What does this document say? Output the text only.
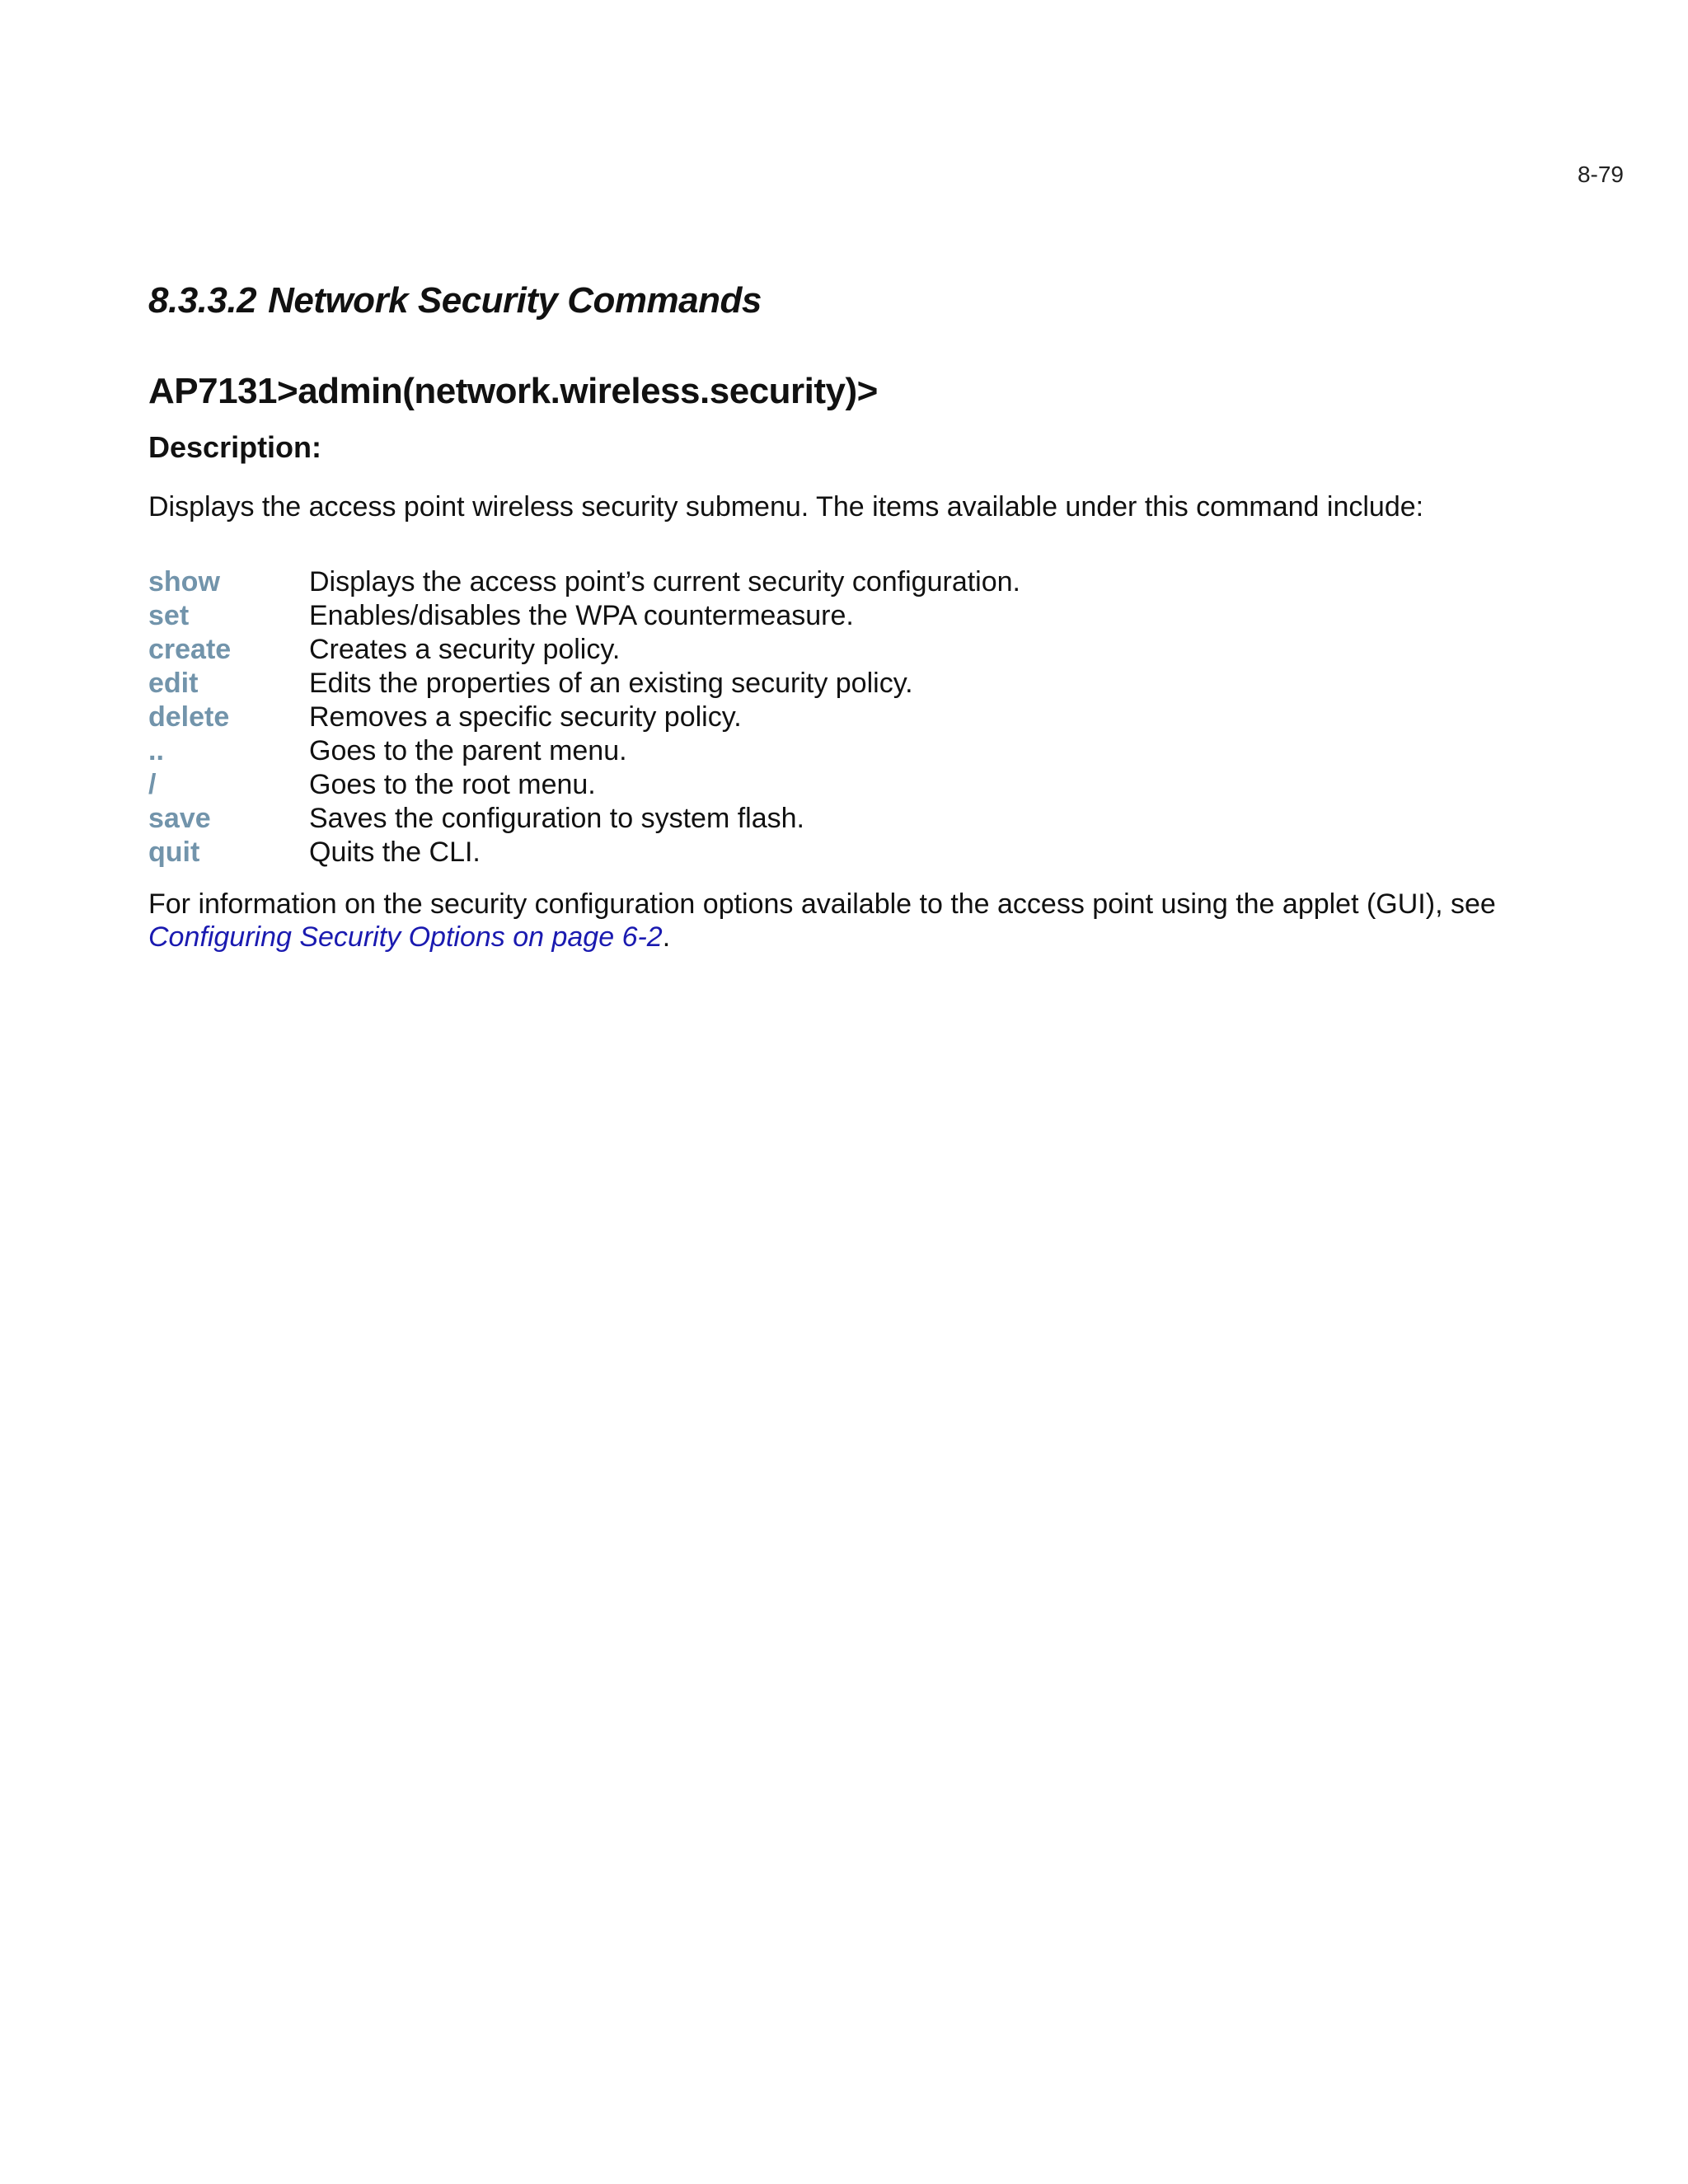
8-79
8.3.3.2 Network Security Commands
AP7131>admin(network.wireless.security)>
Description:

Displays the access point wireless security submenu. The items available under this command include:

show	Displays the access point’s current security configuration.
set	Enables/disables the WPA countermeasure.
create	Creates a security policy.
edit	Edits the properties of an existing security policy.
delete	Removes a specific security policy.
..	Goes to the parent menu.
/	Goes to the root menu.
save	Saves the configuration to system flash.
quit	Quits the CLI.

For information on the security configuration options available to the access point using the applet (GUI), see Configuring Security Options on page 6-2.
